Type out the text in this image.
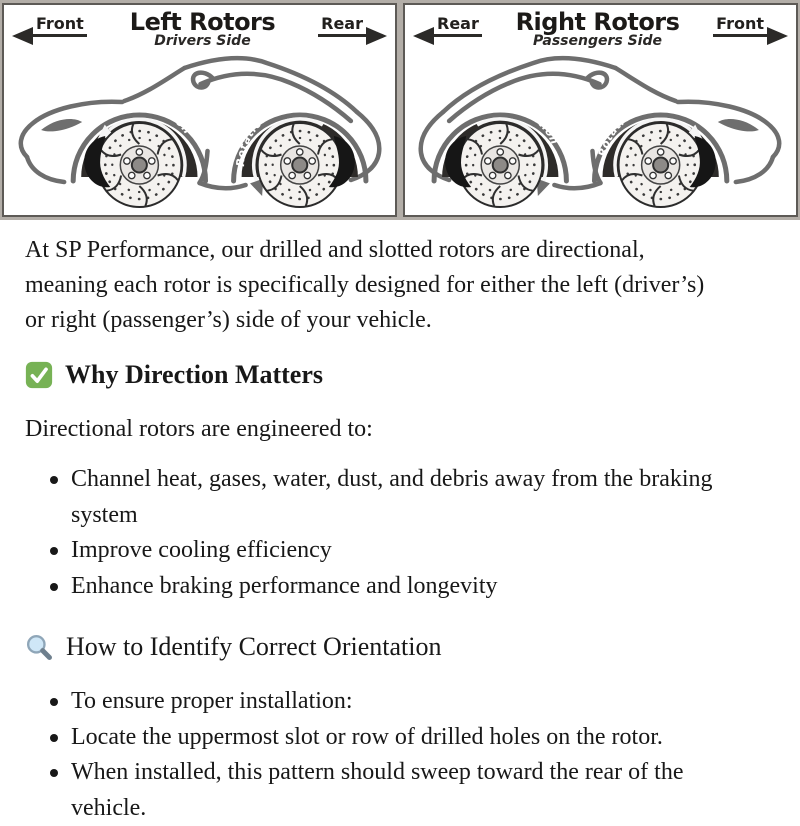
Front Left Rotors
Drivers Side
Rear
Rotation
Rotation
Rear Right Rotors
Passengers Side
Front
Rotation
Rotation

At SP Performance, our drilled and slotted rotors are directional, meaning each rotor is specifically designed for either the left (driver’s) or right (passenger’s) side of your vehicle.

Why Direction Matters

Directional rotors are engineered to:

Channel heat, gases, water, dust, and debris away from the braking system
Improve cooling efficiency
Enhance braking performance and longevity
How to Identify Correct Orientation
To ensure proper installation:
Locate the uppermost slot or row of drilled holes on the rotor.
When installed, this pattern should sweep toward the rear of the vehicle.
